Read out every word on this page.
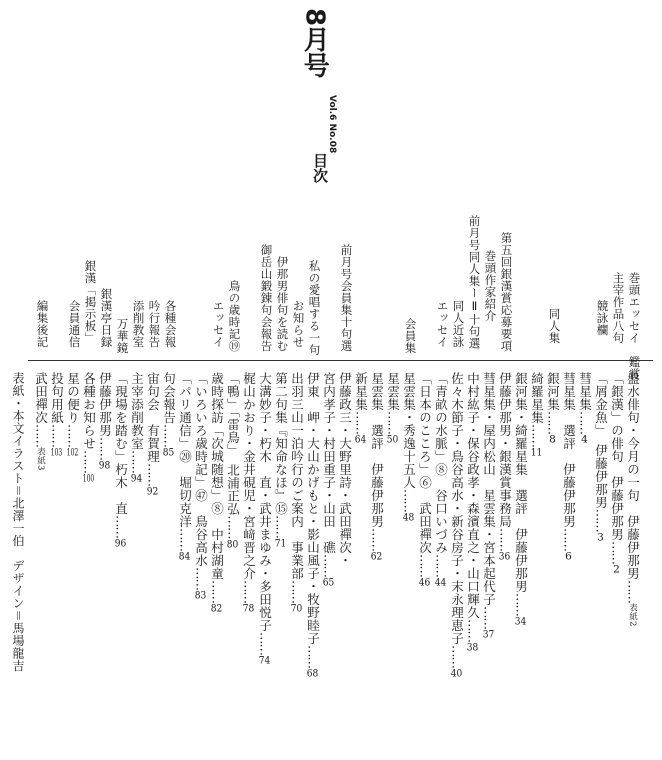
8月号
Vol.6 No.08
目次
巻頭エッセイ　鑑賞
主宰作品八句
競詠欄
同人集
第五回銀漢賞応募要項
巻頭作家紹介
前月号同人集ーⅡ十句選
同人近詠
エッセイ
会員集
前月号会員集十句選
私の愛唱する一句
お知らせ
伊那男俳句を読む
御岳山鍛錬句会報告
鳥の歳時記⑲
エッセイ
各種会報
吟行報告
添削教室
万華鏡
銀漢亭日録
銀漢「掲示板」
会員通信
編集後記
盤水俳句・今月の一句　伊藤伊那男……表紙2
「銀漢」の俳句　伊藤伊那男……2
「屑金魚」　伊藤伊那男……3
彗星集……4
彗星集　選評　伊藤伊那男……6
銀河集……8
綺羅星集……11
銀河集・綺羅星集　選評　伊藤伊那男……34
伊藤伊那男・銀漢賞事務局……36
彗星集・屋内松山　星雲集・宮本起代子……37
中村紘子・保谷政孝・森濱直之・山口輝久……38
佐々木節子・鳥谷高水・新谷房子・末永理恵子……40
「青畝の水脈」⑧　谷口いづみ……44
「日本のこころ」⑥　武田禪次……46
星雲集・秀逸十五人……48
星雲集……50
星雲集　選評　伊藤伊那男……62
新星集……64
伊藤政三・大野里詩・武田禪次・
宮内孝子・村田重子・山田　礁……65
伊東　岬・大山かげもと・影山風子・牧野睦子……68
出羽三山一泊吟行のご案内　事業部……70
第二句集『知命なほ』⑮……71
大溝妙子・朽木　直・武井まゆみ・多田悦子……74
梶山かおり・金井硯児・宮﨑晋之介……78
「鴨」「雷鳥」　北浦正弘……80
歳時探訪「次城随想」⑧　中村湖童……82
「いろいろ歳時記」㊼　鳥谷高水……83
「パリ通信」⑳　堀切克洋……84
句会報告……85
宙句会　有賀理……92
主宰添削教室……94
「現場を踏む」朽木　直……96
伊藤伊那男……98
各種お知らせ……100
星の便り……102
投句用紙……103
武田禪次……表紙3
表紙・本文イラスト＝北澤一伯　デザイン＝馬場龍吉
